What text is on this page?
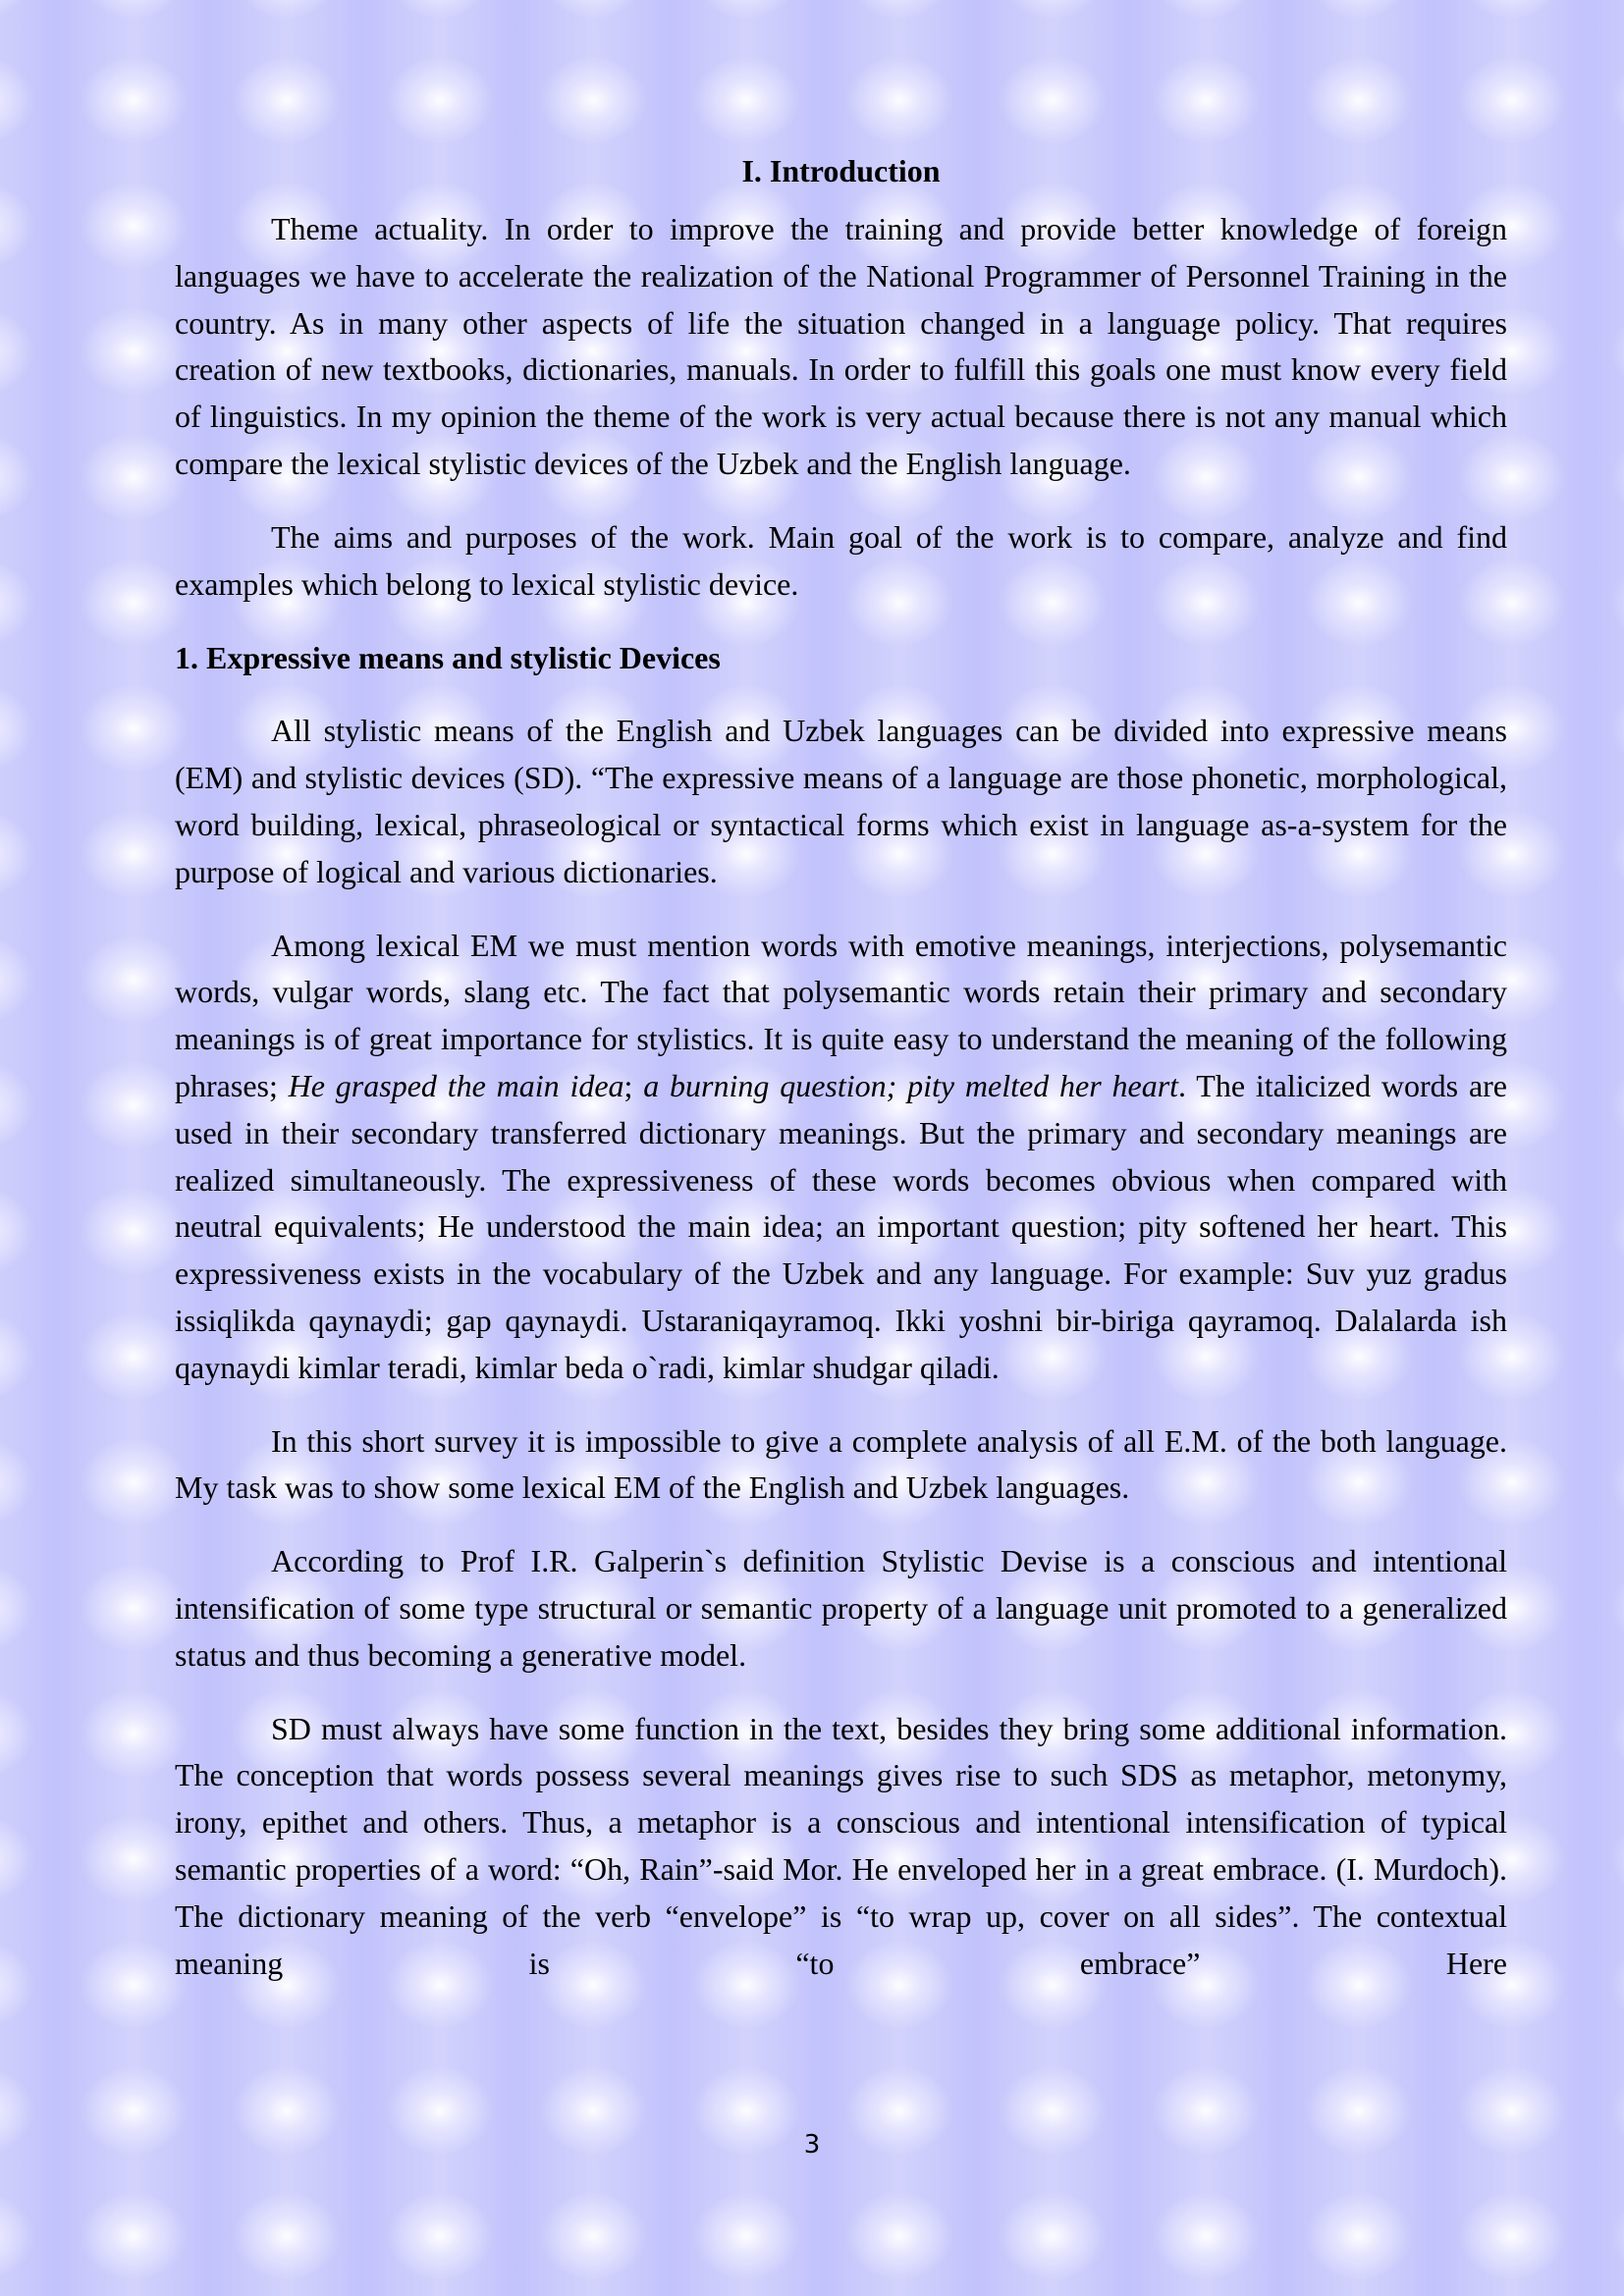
I. Introduction

Theme actuality. In order to improve the training and provide better knowledge of foreign languages we have to accelerate the realization of the National Programmer of Personnel Training in the country. As in many other aspects of life the situation changed in a language policy. That requires creation of new textbooks, dictionaries, manuals. In order to fulfill this goals one must know every field of linguistics. In my opinion the theme of the work is very actual because there is not any manual which compare the lexical stylistic devices of the Uzbek and the English language.

The aims and purposes of the work. Main goal of the work is to compare, analyze and find examples which belong to lexical stylistic device.

1. Expressive means and stylistic Devices

All stylistic means of the English and Uzbek languages can be divided into expressive means (EM) and stylistic devices (SD). “The expressive means of a language are those phonetic, morphological, word building, lexical, phraseological or syntactical forms which exist in language as-a-system for the purpose of logical and various dictionaries.

Among lexical EM we must mention words with emotive meanings, interjections, polysemantic words, vulgar words, slang etc. The fact that polysemantic words retain their primary and secondary meanings is of great importance for stylistics. It is quite easy to understand the meaning of the following phrases; He grasped the main idea; a burning question; pity melted her heart. The italicized words are used in their secondary transferred dictionary meanings. But the primary and secondary meanings are realized simultaneously. The expressiveness of these words becomes obvious when compared with neutral equivalents; He understood the main idea; an important question; pity softened her heart. This expressiveness exists in the vocabulary of the Uzbek and any language. For example: Suv yuz gradus issiqlikda qaynaydi; gap qaynaydi. Ustaraniqayramoq. Ikki yoshni bir-biriga qayramoq. Dalalarda ish qaynaydi kimlar teradi, kimlar beda o`radi, kimlar shudgar qiladi.

In this short survey it is impossible to give a complete analysis of all E.M. of the both language. My task was to show some lexical EM of the English and Uzbek languages.

According to Prof I.R. Galperin`s definition Stylistic Devise is a conscious and intentional intensification of some type structural or semantic property of a language unit promoted to a generalized status and thus becoming a generative model.

SD must always have some function in the text, besides they bring some additional information. The conception that words possess several meanings gives rise to such SDS as metaphor, metonymy, irony, epithet and others. Thus, a metaphor is a conscious and intentional intensification of typical semantic properties of a word: “Oh, Rain”-said Mor. He enveloped her in a great embrace. (I. Murdoch). The dictionary meaning of the verb “envelope” is “to wrap up, cover on all sides”. The contextual meaning is “to embrace” Here

3
